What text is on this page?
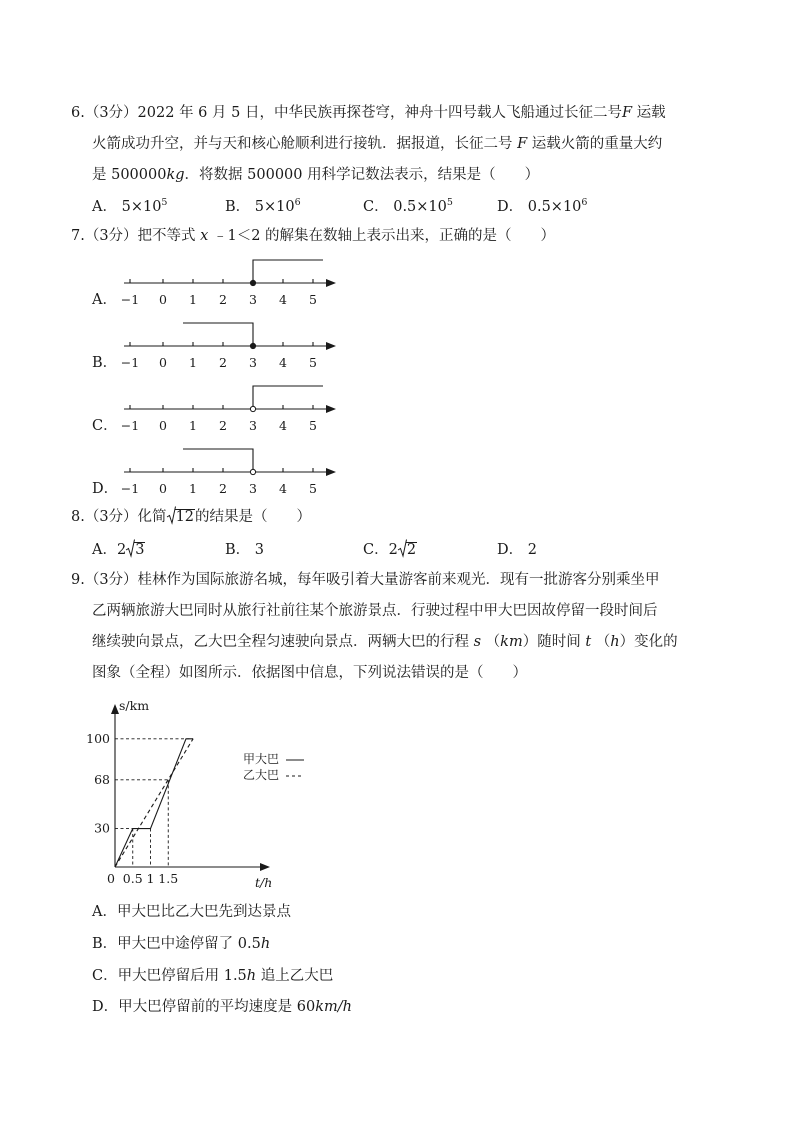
6.（3分）2022 年 6 月 5 日，中华民族再探苍穹，神舟十四号载人飞船通过长征二号F 运载
火箭成功升空，并与天和核心舱顺利进行接轨．据报道，长征二号 F 运载火箭的重量大约
是 500000kg．将数据 500000 用科学记数法表示，结果是（　　）
A． $5\times 10^5$	B． $5\times 10^6$	C． $0.5\times 10^5$	D． $0.5\times 10^6$
7.（3分）把不等式 x ﹣1＜2 的解集在数轴上表示出来，正确的是（　　）
A． −1 0 1 2 3 4 5
B． −1 0 1 2 3 4 5
C． −1 0 1 2 3 4 5
D． −1 0 1 2 3 4 5
8.（3分）化简 12的结果是（　　）
A．2 3	B． 3	C．2 2	D． 2
9.（3分）桂林作为国际旅游名城，每年吸引着大量游客前来观光．现有一批游客分别乘坐甲
乙两辆旅游大巴同时从旅行社前往某个旅游景点．行驶过程中甲大巴因故停留一段时间后
继续驶向景点，乙大巴全程匀速驶向景点．两辆大巴的行程 s （km）随时间 t （h）变化的
图象（全程）如图所示．依据图中信息，下列说法错误的是（　　）
s/km
t/h
0 0.5 1 1.5
30
68
100
甲大巴
乙大巴
A．甲大巴比乙大巴先到达景点
B．甲大巴中途停留了 0.5h
C．甲大巴停留后用 1.5h 追上乙大巴
D．甲大巴停留前的平均速度是 60km/h
